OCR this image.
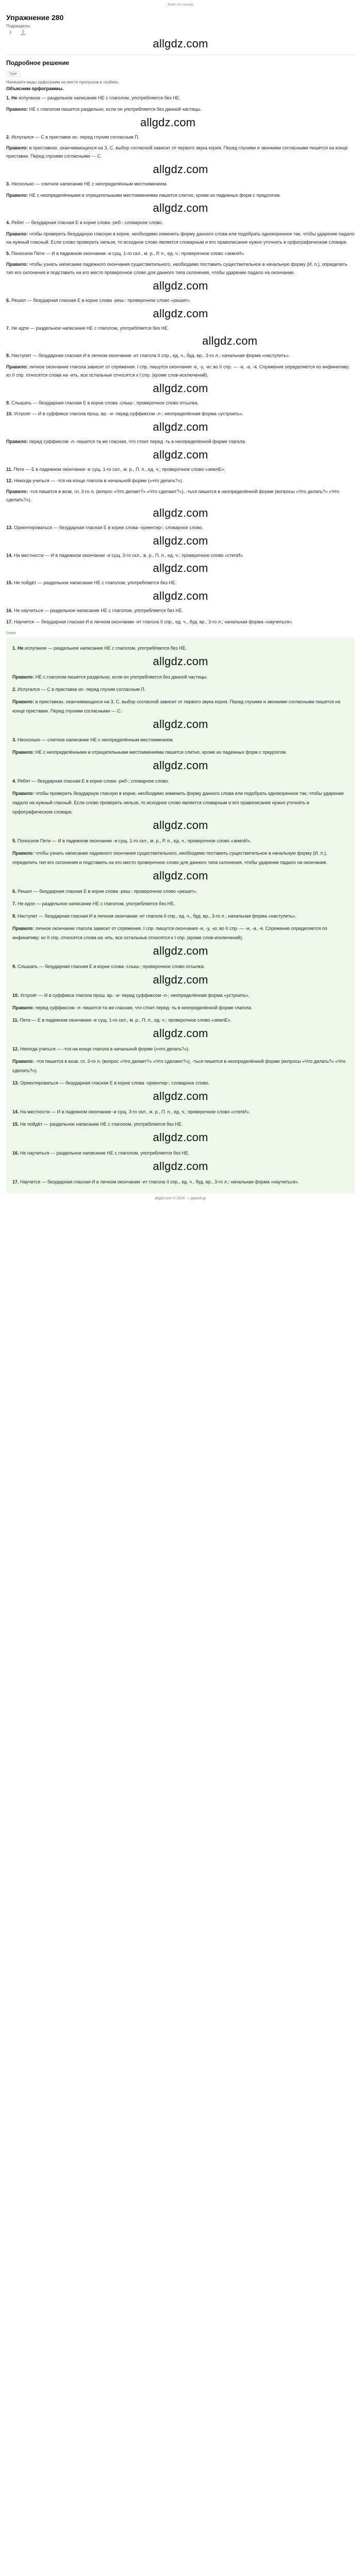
Файл не скачан
Упражнение 280
Подразделы
1	2
allgdz.com
Подробное решение
Гдзи
Напишите виды орфограмм на месте пропусков в скобках.
Объясним орфограммы.

1. Не испуганое — раздельное написание НЕ с глаголом, употребляется без НЕ.

Правило: НЕ с глаголом пишется раздельно, если он употребляется без данной частицы.

allgdz.com

2. Испугался — С в приставке ис- перед глухим согласным П.

Правило: в приставках, оканчивающихся на З, С, выбор согласной зависит от первого звука корня. Перед глухими и звонкими согласными пишется на конце приставки. Перед глухими согласными — С.

allgdz.com

3. Несколько — слитное написание НЕ с неопределённым местоимением.

Правило: НЕ с неопределёнными и отрицательными местоимениями пишется слитно, кроме их падежных форм с предлогом.

allgdz.com

4. Ребят — безударная гласная Е в корне слова -реб-; словарное слово.

Правило: чтобы проверить безударную гласную в корне, необходимо изменить форму данного слова или подобрать однокоренное так, чтобы ударение падало на нужный гласный. Если слово проверить нельзя, то исходное слово является словарным и его правописание нужно уточнять в орфографическом словаре.

5. Поносили Пети — И в падежном окончании -и сущ. 1-го скл., м. р., Р. п., ед. ч.; проверочное слово «землИ».

Правило: чтобы узнать написание падежного окончания существительного, необходимо поставить существительное в начальную форму (И. п.), определить тип его склонения и подставить на его место проверочное слово для данного типа склонения, чтобы ударение падало на окончание.

allgdz.com

6. Решил — безударная гласная Е в корне слова -реш-; проверочное слово «решит».

allgdz.com

7. Не идти — раздельное написание НЕ с глаголом, употребляется без НЕ.

allgdz.com

8. Наступит — безударная гласная И в личном окончании -ит глагола II спр., ед. ч., буд. вр., 3-го л.; начальная форма «наступить».

Правило: личное окончание глагола зависит от спряжения. I спр. пишутся окончания -е, -у, -ю; во II спр. — -и, -а, -я. Спряжение определяется по инфинитиву: ко II спр. относятся слова на -ить, все остальные относятся к I спр. (кроме слов-исключений).

allgdz.com

9. Слышать — безударная гласная Е в корне слова -слыш-; проверочное слово отсылка.

10. Устроят — И в суффиксе глагола прош. вр. -и- перед суффиксом -л-; неопределённая форма «устроить».

allgdz.com

Правило: перед суффиксом -л- пишется та же гласная, что стоит перед -ть в неопределённой форме глагола.

allgdz.com

11. Пети — Е в падежном окончании -е сущ. 1-го скл., м. р., П. п., ед. ч.; проверочное слово «землЕ».

12. Некогда учиться — -тся на конце глагола в начальной форме («что делать?»).

Правило: -тся пишется в возв. гл. 3-го л. (вопрос «Что делает?» «Что сделают?»), -ться пишется в неопределённой форме (вопросы «Что делать?» «Что сделать?»).

allgdz.com

13. Ориентироваться — безударная гласная Е в корне слова -ориентир-; словарное слово.

allgdz.com

14. На местности — И в падежном окончании -и сущ. 3-го скл., ж. р., П. п., ед. ч.; проверочное слово «степИ».

allgdz.com

15. Не пойдёт — раздельное написание НЕ с глаголом, употребляется без НЕ.

allgdz.com

16. Не научиться — раздельное написание НЕ с глаголом, употребляется без НЕ.

17. Научится — безударная гласная И в личном окончании -ит глагола II спр., ед. ч., буд. вр., 3-го л.; начальная форма «научиться».

Ответ

1. Не испуганое — раздельное написание НЕ с глаголом, употребляется без НЕ.

allgdz.com

Правило: НЕ с глаголом пишется раздельно, если он употребляется без данной частицы.

2. Испугался — С в приставке ис- перед глухим согласным П.

Правило: в приставках, оканчивающихся на З, С, выбор согласной зависит от первого звука корня. Перед глухими и звонкими согласными пишется на конце приставки. Перед глухими согласными — С.

allgdz.com

3. Несколько — слитное написание НЕ с неопределённым местоимением.

Правило: НЕ с неопределёнными и отрицательными местоимениями пишется слитно, кроме их падежных форм с предлогом.

allgdz.com

4. Ребят — безударная гласная Е в корне слова -реб-; словарное слово.

Правило: чтобы проверить безударную гласную в корне, необходимо изменить форму данного слова или подобрать однокоренное так, чтобы ударение падало на нужный гласный. Если слово проверить нельзя, то исходное слово является словарным и его правописание нужно уточнять в орфографическом словаре.

allgdz.com

5. Поносили Пети — И в падежном окончании -и сущ. 1-го скл., м. р., Р. п., ед. ч.; проверочное слово «землИ».

Правило: чтобы узнать написание падежного окончания существительного, необходимо поставить существительное в начальную форму (И. п.), определить тип его склонения и подставить на его место проверочное слово для данного типа склонения, чтобы ударение падало на окончание.

allgdz.com

6. Решил — безударная гласная Е в корне слова -реш-; проверочное слово «решит».

7. Не идти — раздельное написание НЕ с глаголом, употребляется без НЕ.

8. Наступит — безударная гласная И в личном окончании -ит глагола II спр., ед. ч., буд. вр., 3-го л.; начальная форма «наступить».

Правило: личное окончание глагола зависит от спряжения. I спр. пишутся окончания -е, -у, -ю; во II спр. — -и, -а, -я. Спряжение определяется по инфинитиву: ко II спр. относятся слова на -ить, все остальные относятся к I спр. (кроме слов-исключений).

allgdz.com

9. Слышать — безударная гласная Е в корне слова -слыш-; проверочное слово отсылка.

allgdz.com

10. Устроят — И в суффиксе глагола прош. вр. -и- перед суффиксом -л-; неопределённая форма «устроить».

Правило: перед суффиксом -л- пишется та же гласная, что стоит перед -ть в неопределённой форме глагола.

11. Пети — Е в падежном окончании -е сущ. 1-го скл., м. р., П. п., ед. ч.; проверочное слово «землЕ».

allgdz.com

12. Некогда учиться — -тся на конце глагола в начальной форме («что делать?»).

Правило: -тся пишется в возв. гл. 3-го л. (вопрос «Что делает?» «Что сделают?»), -ться пишется в неопределённой форме (вопросы «Что делать?» «Что сделать?»).

13. Ориентироваться — безударная гласная Е в корне слова -ориентир-; словарное слово.

allgdz.com

14. На местности — И в падежном окончании -и сущ. 3-го скл., ж. р., П. п., ед. ч.; проверочное слово «степИ».

15. Не пойдёт — раздельное написание НЕ с глаголом, употребляется без НЕ.

allgdz.com

16. Не научиться — раздельное написание НЕ с глаголом, употребляется без НЕ.

allgdz.com

17. Научится — безударная гласная И в личном окончании -ит глагола II спр., ед. ч., буд. вр., 3-го л.; начальная форма «научиться».

allgdz.com © 2024 · г. домой.ру
